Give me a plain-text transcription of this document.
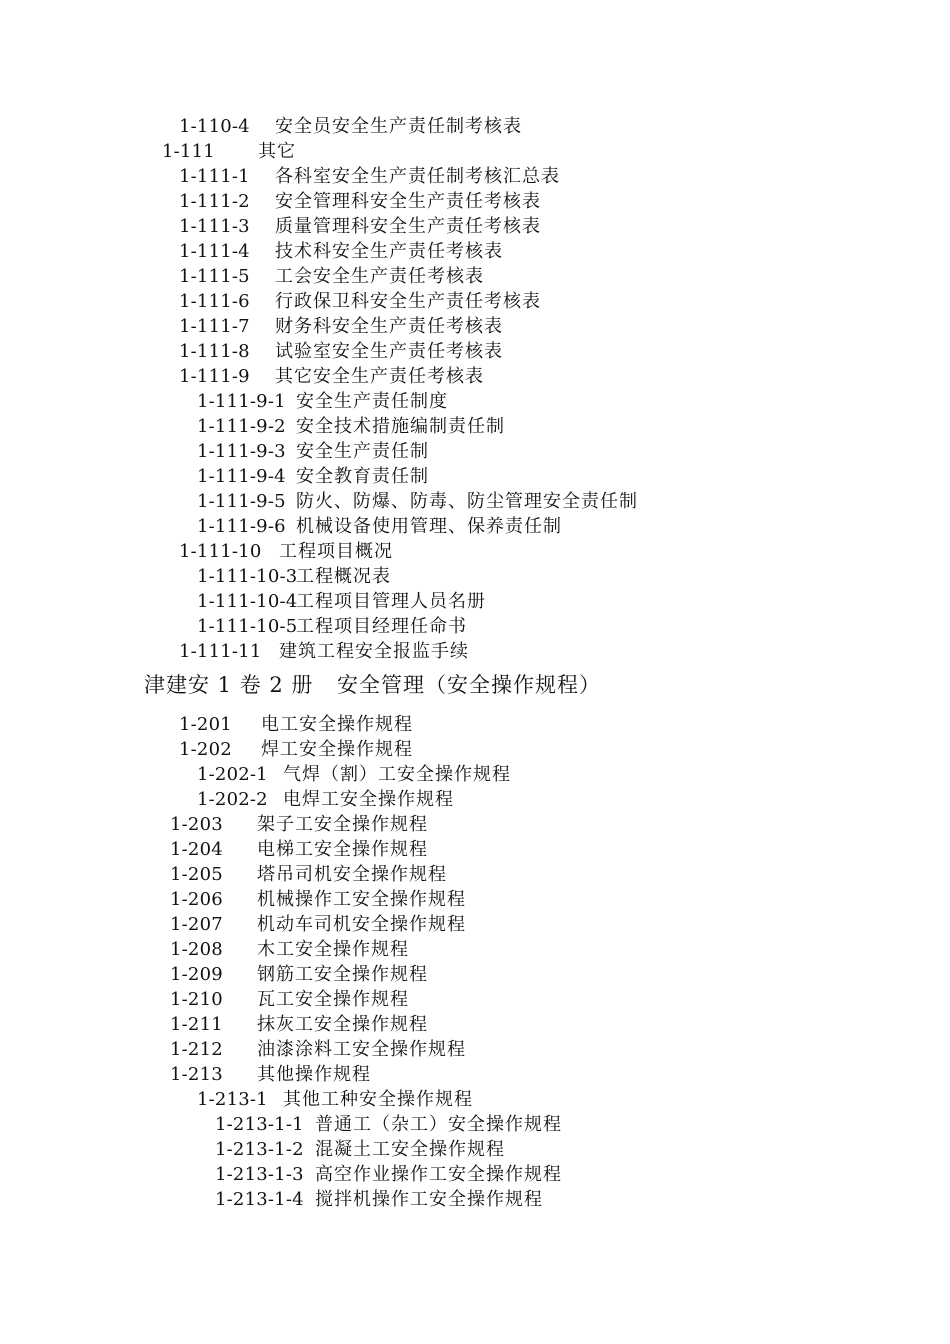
1-110-4 安全员安全生产责任制考核表
1-111 其它
1-111-1 各科室安全生产责任制考核汇总表
1-111-2 安全管理科安全生产责任考核表
1-111-3 质量管理科安全生产责任考核表
1-111-4 技术科安全生产责任考核表
1-111-5 工会安全生产责任考核表
1-111-6 行政保卫科安全生产责任考核表
1-111-7 财务科安全生产责任考核表
1-111-8 试验室安全生产责任考核表
1-111-9 其它安全生产责任考核表
1-111-9-1 安全生产责任制度
1-111-9-2 安全技术措施编制责任制
1-111-9-3 安全生产责任制
1-111-9-4 安全教育责任制
1-111-9-5 防火、防爆、防毒、防尘管理安全责任制
1-111-9-6 机械设备使用管理、保养责任制
1-111-10 工程项目概况
1-111-10-3
工程概况表
1-111-10-4
工程项目管理人员名册
1-111-10-5
工程项目经理任命书
1-111-11 建筑工程安全报监手续
津建安 1 卷 2 册 安全管理（安全操作规程）
1-201 电工安全操作规程
1-202 焊工安全操作规程
1-202-1 气焊（割）工安全操作规程
1-202-2 电焊工安全操作规程
1-203 架子工安全操作规程
1-204 电梯工安全操作规程
1-205 塔吊司机安全操作规程
1-206 机械操作工安全操作规程
1-207 机动车司机安全操作规程
1-208 木工安全操作规程
1-209 钢筋工安全操作规程
1-210 瓦工安全操作规程
1-211 抹灰工安全操作规程
1-212 油漆涂料工安全操作规程
1-213 其他操作规程
1-213-1 其他工种安全操作规程
1-213-1-1 普通工（杂工）安全操作规程
1-213-1-2 混凝土工安全操作规程
1-213-1-3 高空作业操作工安全操作规程
1-213-1-4 搅拌机操作工安全操作规程
